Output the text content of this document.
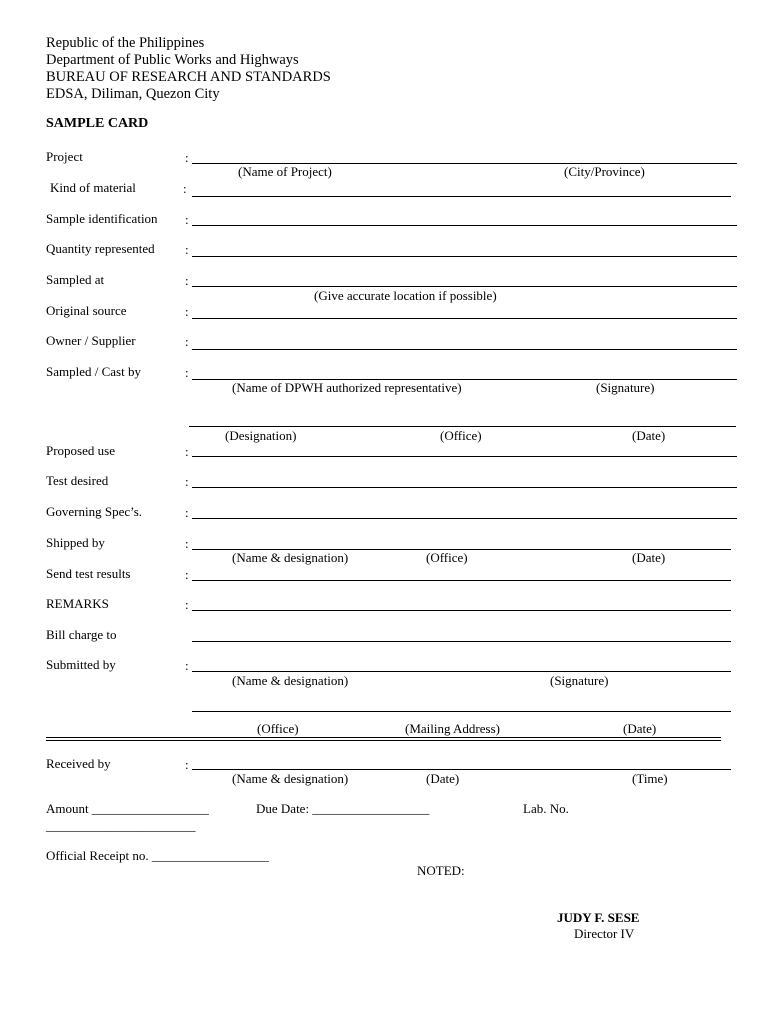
Republic of the Philippines
Department of Public Works and Highways
BUREAU OF RESEARCH AND STANDARDS
EDSA, Diliman, Quezon City
SAMPLE CARD
Project	:
(Name of Project)	(City/Province)
Kind of material	:
Sample identification :
Quantity represented :
Sampled at	:
(Give accurate location if possible)
Original source	:
Owner / Supplier	:
Sampled / Cast by	:
(Name of DPWH authorized representative)	(Signature)
(Designation)	(Office)	(Date)
Proposed use	:
Test desired	:
Governing Spec’s.	:
Shipped by	:
(Name & designation)	(Office)	(Date)
Send test results	:
REMARKS	:
Bill charge to
Submitted by	:
(Name & designation)	(Signature)
(Office)	(Mailing Address)	(Date)
Received by	:
(Name & designation)	(Date)	(Time)
Amount __________________	Due Date: __________________	Lab. No.
_______________________
Official Receipt no. __________________
NOTED:
JUDY F. SESE
Director IV
